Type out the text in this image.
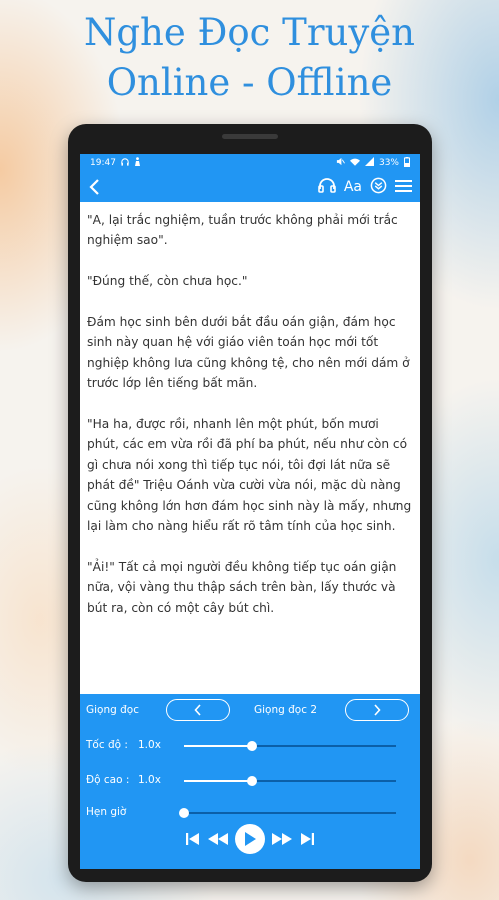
Nghe Đọc Truyện
Online - Offline
19:47	33%
Aa

"A, lại trắc nghiệm, tuần trước không phải mới trắc nghiệm sao".

"Đúng thế, còn chưa học."

Đám học sinh bên dưới bắt đầu oán giận, đám học sinh này quan hệ với giáo viên toán học mới tốt nghiệp không lưa cũng không tệ, cho nên mới dám ở trước lớp lên tiếng bất mãn.

"Ha ha, được rồi, nhanh lên một phút, bốn mươi phút, các em vừa rồi đã phí ba phút, nếu như còn có gì chưa nói xong thì tiếp tục nói, tôi đợi lát nữa sẽ phát đề" Triệu Oánh vừa cười vừa nói, mặc dù nàng cũng không lớn hơn đám học sinh này là mấy, nhưng lại làm cho nàng hiểu rất rõ tâm tính của học sinh.

"Ải!" Tất cả mọi người đều không tiếp tục oán giận nữa, vội vàng thu thập sách trên bàn, lấy thước và bút ra, còn có một cây bút chì.

Giọng đọc	Giọng đọc 2
Tốc độ : 1.0x
Độ cao : 1.0x
Hẹn giờ
